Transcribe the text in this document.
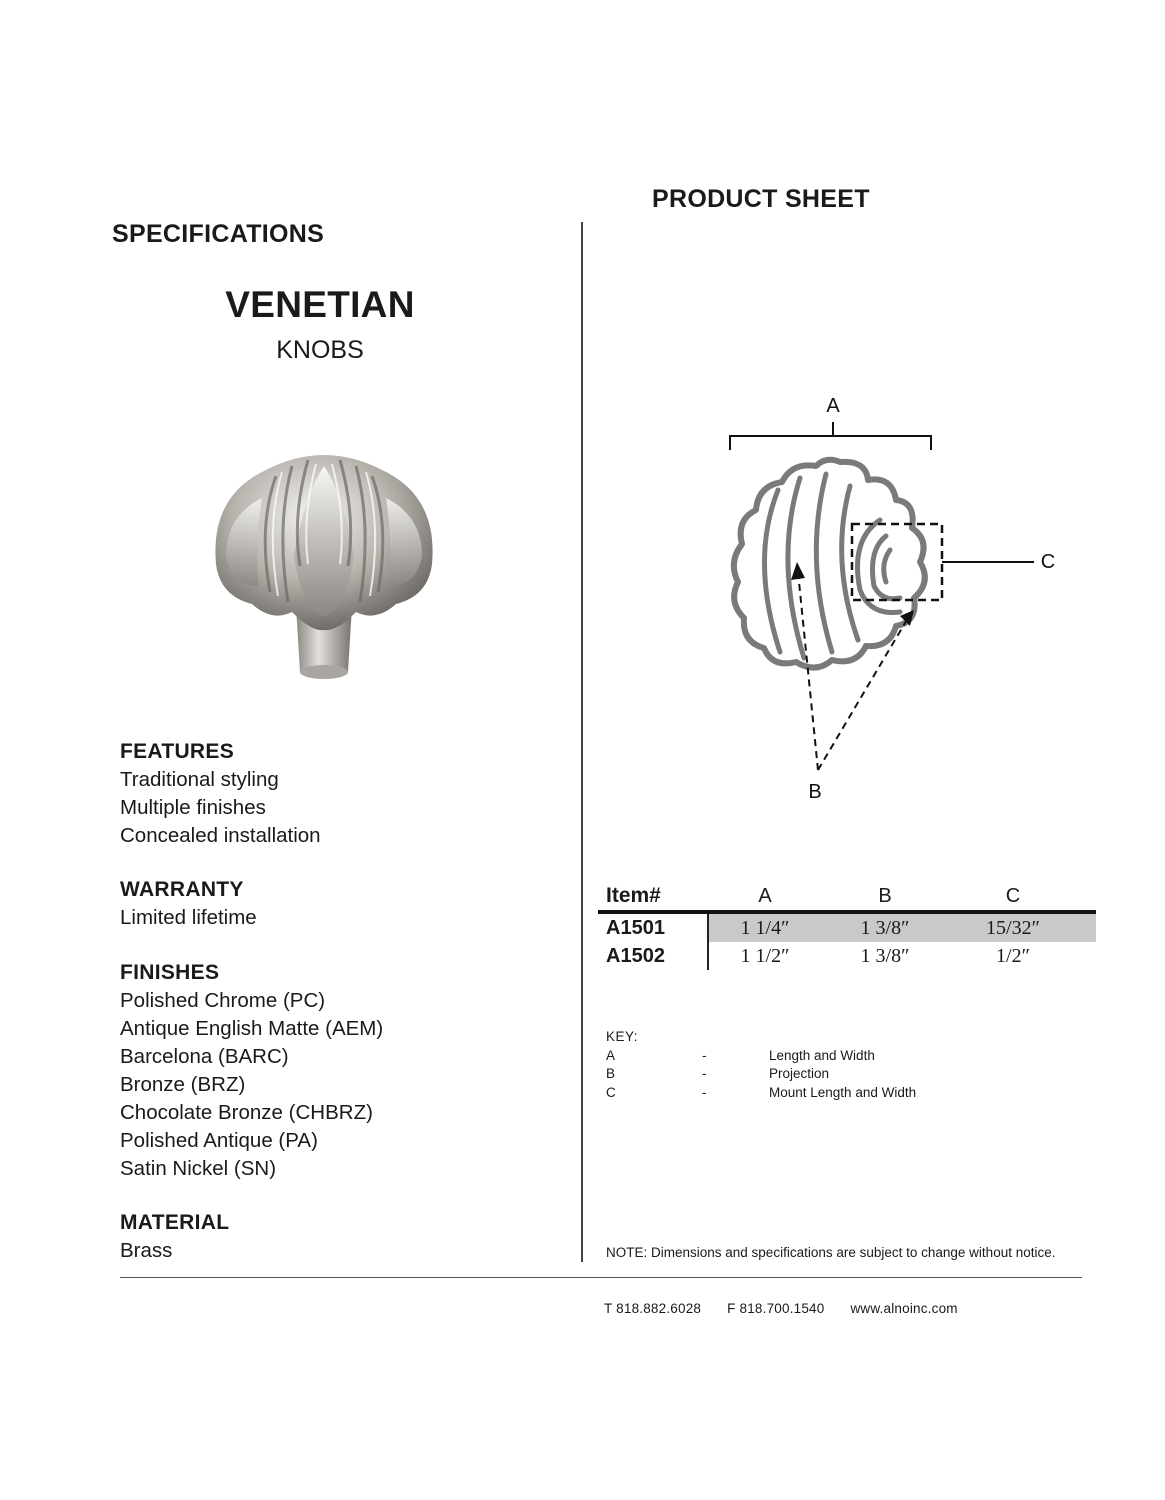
SPECIFICATIONS
PRODUCT SHEET
VENETIAN
KNOBS
A
C
B
FEATURES
Traditional styling
Multiple finishes
Concealed installation
WARRANTY
Limited lifetime
FINISHES
Polished Chrome (PC)
Antique English Matte (AEM)
Barcelona (BARC)
Bronze (BRZ)
Chocolate Bronze (CHBRZ)
Polished Antique (PA)
Satin Nickel (SN)
MATERIAL
Brass
Item#	A	B	C
A1501	1 1/4″	1 3/8″	15/32″
A1502	1 1/2″	1 3/8″	1/2″
KEY:
A	-	Length and Width
B	-	Projection
C	-	Mount Length and Width
NOTE: Dimensions and specifications are subject to change without notice.
T 818.882.6028 F 818.700.1540 www.alnoinc.com
